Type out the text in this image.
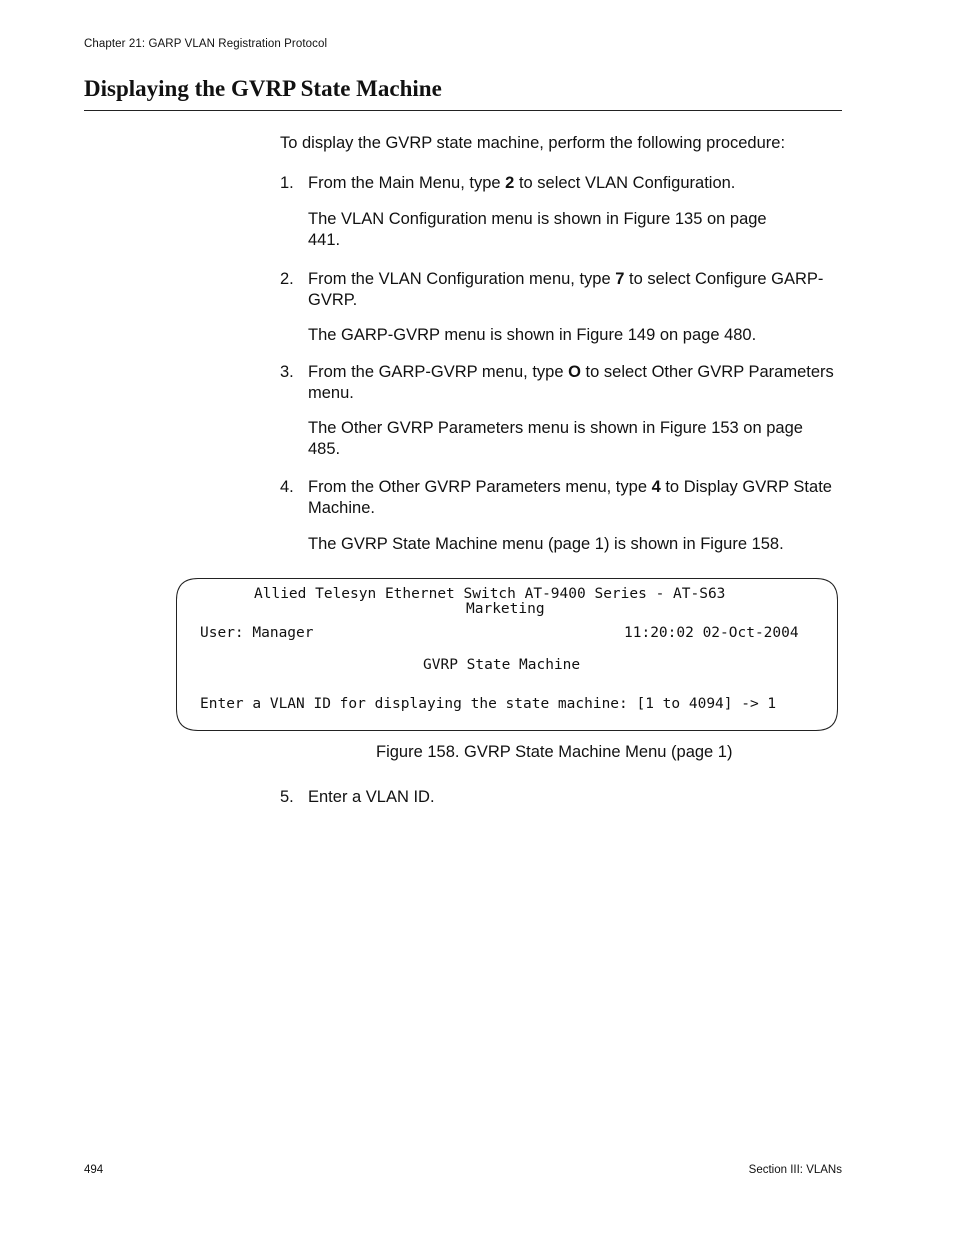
Chapter 21: GARP VLAN Registration Protocol
Displaying the GVRP State Machine
To display the GVRP state machine, perform the following procedure:
1. From the Main Menu, type 2 to select VLAN Configuration.
The VLAN Configuration menu is shown in Figure 135 on page 441.
2. From the VLAN Configuration menu, type 7 to select Configure GARP-GVRP.
The GARP-GVRP menu is shown in Figure 149 on page 480.
3. From the GARP-GVRP menu, type O to select Other GVRP Parameters menu.
The Other GVRP Parameters menu is shown in Figure 153 on page 485.
4. From the Other GVRP Parameters menu, type 4 to Display GVRP State Machine.
The GVRP State Machine menu (page 1) is shown in Figure 158.
Allied Telesyn Ethernet Switch AT-9400 Series - AT-S63
Marketing
User: Manager	11:20:02 02-Oct-2004
GVRP State Machine
Enter a VLAN ID for displaying the state machine: [1 to 4094] -> 1
Figure 158. GVRP State Machine Menu (page 1)
5. Enter a VLAN ID.
494	Section III: VLANs
